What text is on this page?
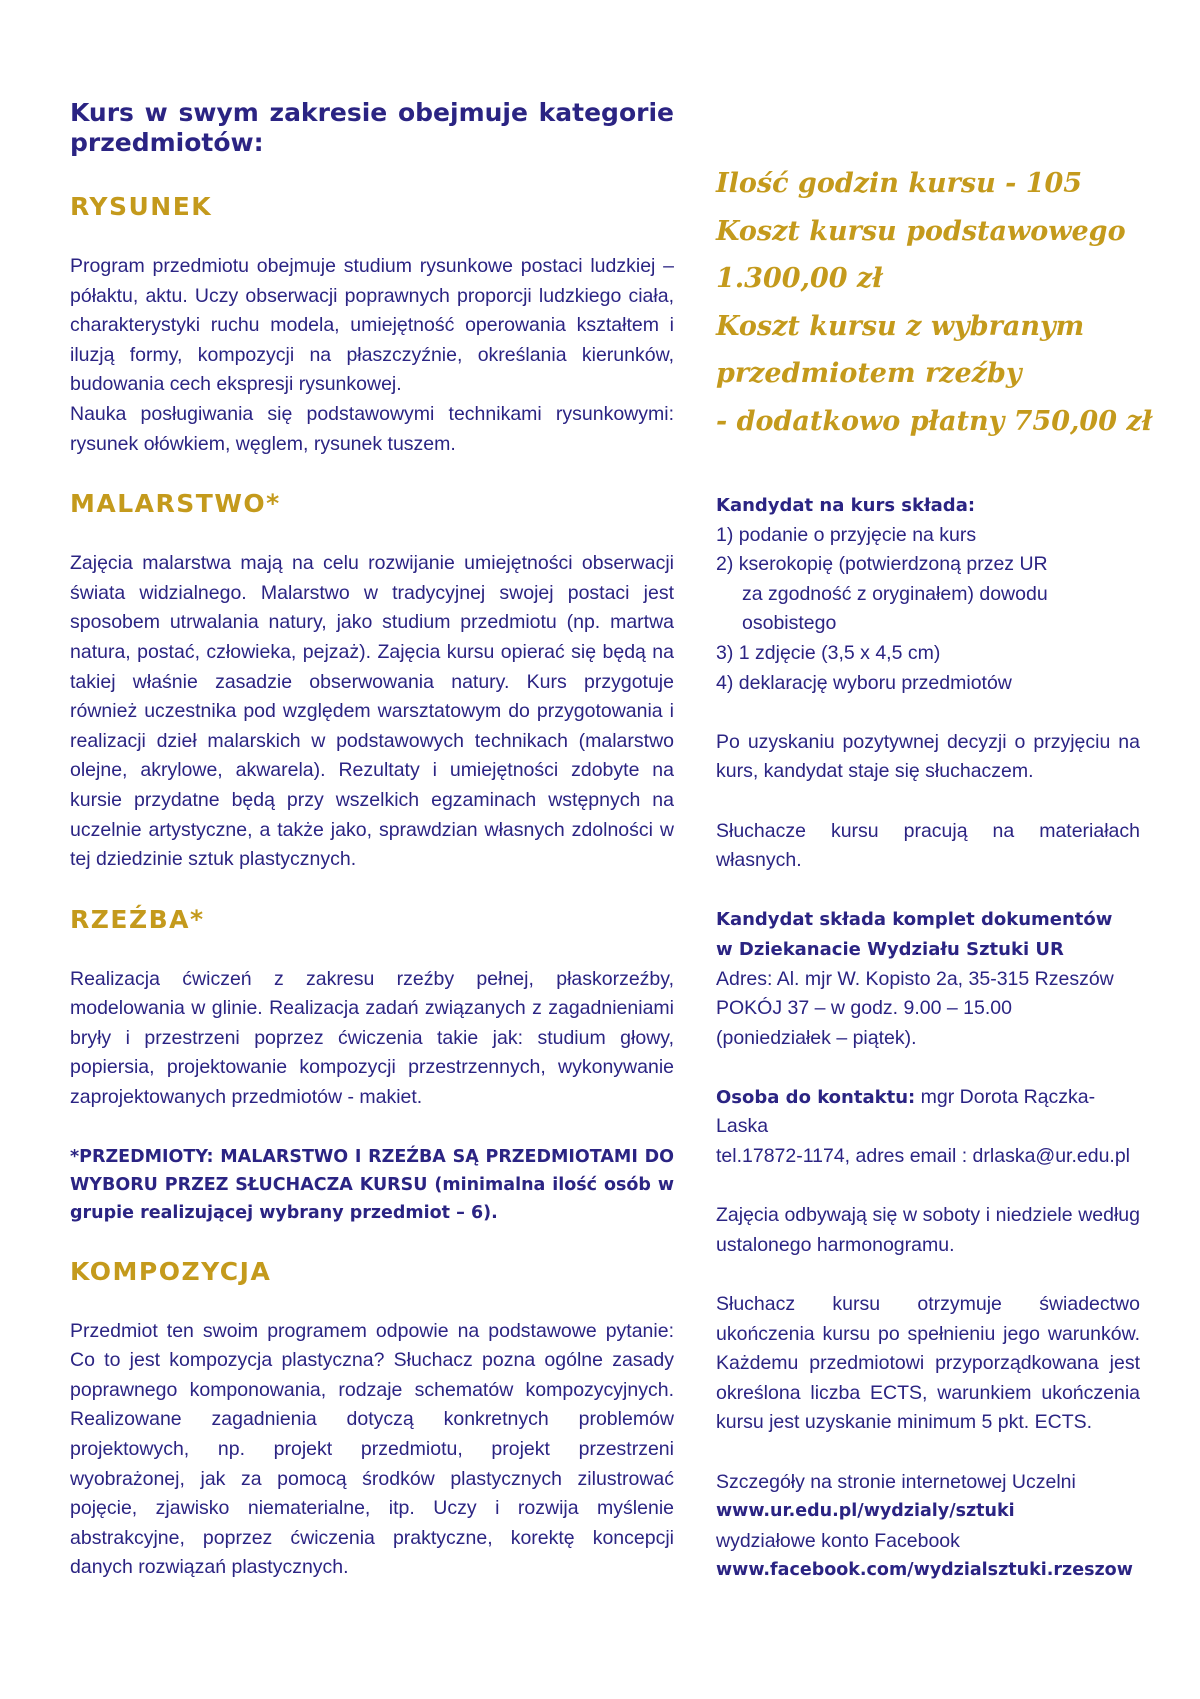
Kurs w swym zakresie obejmuje kategorie przedmiotów:

RYSUNEK

Program przedmiotu obejmuje studium rysunkowe postaci ludzkiej – półaktu, aktu. Uczy obserwacji poprawnych proporcji ludzkiego ciała, charakterystyki ruchu modela, umiejętność operowania kształtem i iluzją formy, kompozycji na płaszczyźnie, określania kierunków, budowania cech ekspresji rysunkowej.

Nauka posługiwania się podstawowymi technikami rysunkowymi: rysunek ołówkiem, węglem, rysunek tuszem.

MALARSTWO*

Zajęcia malarstwa mają na celu rozwijanie umiejętności obserwacji świata widzialnego. Malarstwo w tradycyjnej swojej postaci jest sposobem utrwalania natury, jako studium przedmiotu (np. martwa natura, postać, człowieka, pejzaż). Zajęcia kursu opierać się będą na takiej właśnie zasadzie obserwowania natury. Kurs przygotuje również uczestnika pod względem warsztatowym do przygotowania i realizacji dzieł malarskich w podstawowych technikach (malarstwo olejne, akrylowe, akwarela). Rezultaty i umiejętności zdobyte na kursie przydatne będą przy wszelkich egzaminach wstępnych na uczelnie artystyczne, a także jako, sprawdzian własnych zdolności w tej dziedzinie sztuk plastycznych.

RZEŹBA*

Realizacja ćwiczeń z zakresu rzeźby pełnej, płaskorzeźby, modelowania w glinie. Realizacja zadań związanych z zagadnieniami bryły i przestrzeni poprzez ćwiczenia takie jak: studium głowy, popiersia, projektowanie kompozycji przestrzennych, wykonywanie zaprojektowanych przedmiotów - makiet.

*PRZEDMIOTY: MALARSTWO I RZEŹBA SĄ PRZEDMIOTAMI DO WYBORU PRZEZ SŁUCHACZA KURSU (minimalna ilość osób w grupie realizującej wybrany przedmiot – 6).

KOMPOZYCJA

Przedmiot ten swoim programem odpowie na podstawowe pytanie: Co to jest kompozycja plastyczna? Słuchacz pozna ogólne zasady poprawnego komponowania, rodzaje schematów kompozycyjnych. Realizowane zagadnienia dotyczą konkretnych problemów projektowych, np. projekt przedmiotu, projekt przestrzeni wyobrażonej, jak za pomocą środków plastycznych zilustrować pojęcie, zjawisko niematerialne, itp. Uczy i rozwija myślenie abstrakcyjne, poprzez ćwiczenia praktyczne, korektę koncepcji danych rozwiązań plastycznych.

Ilość godzin kursu - 105

Koszt kursu podstawowego

1.300,00 zł

Koszt kursu z wybranym

przedmiotem rzeźby

- dodatkowo płatny 750,00 zł

Kandydat na kurs składa:
1) podanie o przyjęcie na kurs
2) kserokopię (potwierdzoną przez UR
za zgodność z oryginałem) dowodu
osobistego
3) 1 zdjęcie (3,5 x 4,5 cm)
4) deklarację wyboru przedmiotów

Po uzyskaniu pozytywnej decyzji o przyjęciu na kurs, kandydat staje się słuchaczem.

Słuchacze kursu pracują na materiałach własnych.

Kandydat składa komplet dokumentów
w Dziekanacie Wydziału Sztuki UR
Adres: Al. mjr W. Kopisto 2a, 35-315 Rzeszów
POKÓJ 37 – w godz. 9.00 – 15.00
(poniedziałek – piątek).
Osoba do kontaktu: mgr Dorota Rączka-Laska
tel.17872-1174, adres email : drlaska@ur.edu.pl

Zajęcia odbywają się w soboty i niedziele według ustalonego harmonogramu.

Słuchacz kursu otrzymuje świadectwo ukończenia kursu po spełnieniu jego warunków. Każdemu przedmiotowi przyporządkowana jest określona liczba ECTS, warunkiem ukończenia kursu jest uzyskanie minimum 5 pkt. ECTS.

Szczegóły na stronie internetowej Uczelni
www.ur.edu.pl/wydzialy/sztuki
wydziałowe konto Facebook
www.facebook.com/wydzialsztuki.rzeszow
